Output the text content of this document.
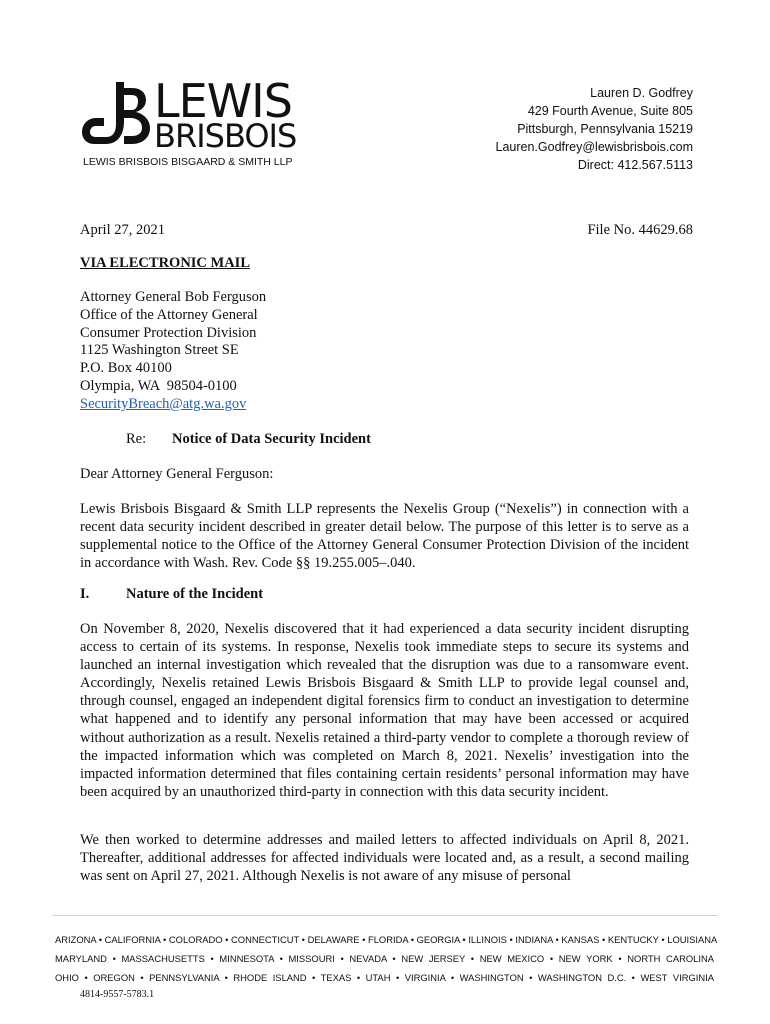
LEWIS
BRISBOIS
LEWIS BRISBOIS BISGAARD & SMITH LLP
Lauren D. Godfrey
429 Fourth Avenue, Suite 805
Pittsburgh, Pennsylvania 15219
Lauren.Godfrey@lewisbrisbois.com
Direct: 412.567.5113
April 27, 2021	File No. 44629.68
VIA ELECTRONIC MAIL
Attorney General Bob Ferguson
Office of the Attorney General
Consumer Protection Division
1125 Washington Street SE
P.O. Box 40100
Olympia, WA  98504-0100
SecurityBreach@atg.wa.gov
Re: Notice of Data Security Incident
Dear Attorney General Ferguson:
Lewis Brisbois Bisgaard & Smith LLP represents the Nexelis Group (“Nexelis”) in connection with a recent data security incident described in greater detail below. The purpose of this letter is to serve as a supplemental notice to the Office of the Attorney General Consumer Protection Division of the incident in accordance with Wash. Rev. Code §§ 19.255.005–.040.
I.	Nature of the Incident
On November 8, 2020, Nexelis discovered that it had experienced a data security incident disrupting access to certain of its systems. In response, Nexelis took immediate steps to secure its systems and launched an internal investigation which revealed that the disruption was due to a ransomware event. Accordingly, Nexelis retained Lewis Brisbois Bisgaard & Smith LLP to provide legal counsel and, through counsel, engaged an independent digital forensics firm to conduct an investigation to determine what happened and to identify any personal information that may have been accessed or acquired without authorization as a result. Nexelis retained a third-party vendor to complete a thorough review of the impacted information which was completed on March 8, 2021. Nexelis’ investigation into the impacted information determined that files containing certain residents’ personal information may have been acquired by an unauthorized third-party in connection with this data security incident.
We then worked to determine addresses and mailed letters to affected individuals on April 8, 2021. Thereafter, additional addresses for affected individuals were located and, as a result, a second mailing was sent on April 27, 2021. Although Nexelis is not aware of any misuse of personal
ARIZONA • CALIFORNIA • COLORADO • CONNECTICUT • DELAWARE • FLORIDA • GEORGIA • ILLINOIS • INDIANA • KANSAS • KENTUCKY • LOUISIANA
MARYLAND • MASSACHUSETTS • MINNESOTA • MISSOURI • NEVADA • NEW JERSEY • NEW MEXICO • NEW YORK • NORTH CAROLINA
OHIO • OREGON • PENNSYLVANIA • RHODE ISLAND • TEXAS • UTAH • VIRGINIA • WASHINGTON • WASHINGTON D.C. • WEST VIRGINIA
4814-9557-5783.1
